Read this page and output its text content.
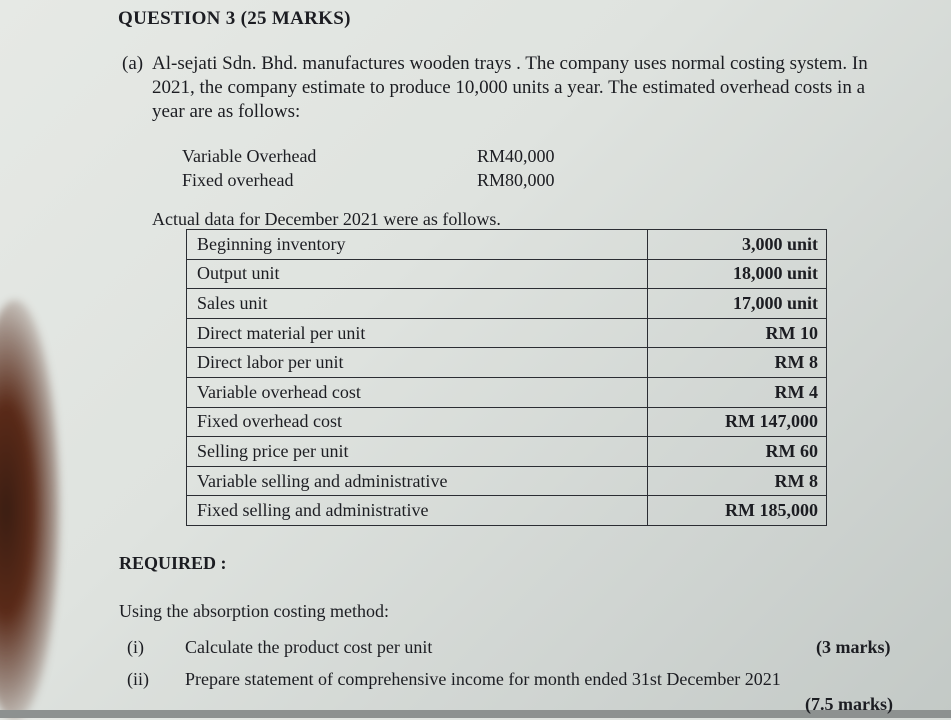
QUESTION 3 (25 MARKS)
(a) Al-sejati Sdn. Bhd. manufactures wooden trays . The company uses normal costing system. In
2021, the company estimate to produce 10,000 units a year. The estimated overhead costs in a
year are as follows:
Variable Overhead	RM40,000
Fixed overhead	RM80,000
Actual data for December 2021 were as follows.
Beginning inventory	3,000 unit
Output unit	18,000 unit
Sales unit	17,000 unit
Direct material per unit	RM 10
Direct labor per unit	RM 8
Variable overhead cost	RM 4
Fixed overhead cost	RM 147,000
Selling price per unit	RM 60
Variable selling and administrative	RM 8
Fixed selling and administrative	RM 185,000
REQUIRED :
Using the absorption costing method:
(i) Calculate the product cost per unit	(3 marks)
(ii) Prepare statement of comprehensive income for month ended 31st December 2021
(7.5 marks)
